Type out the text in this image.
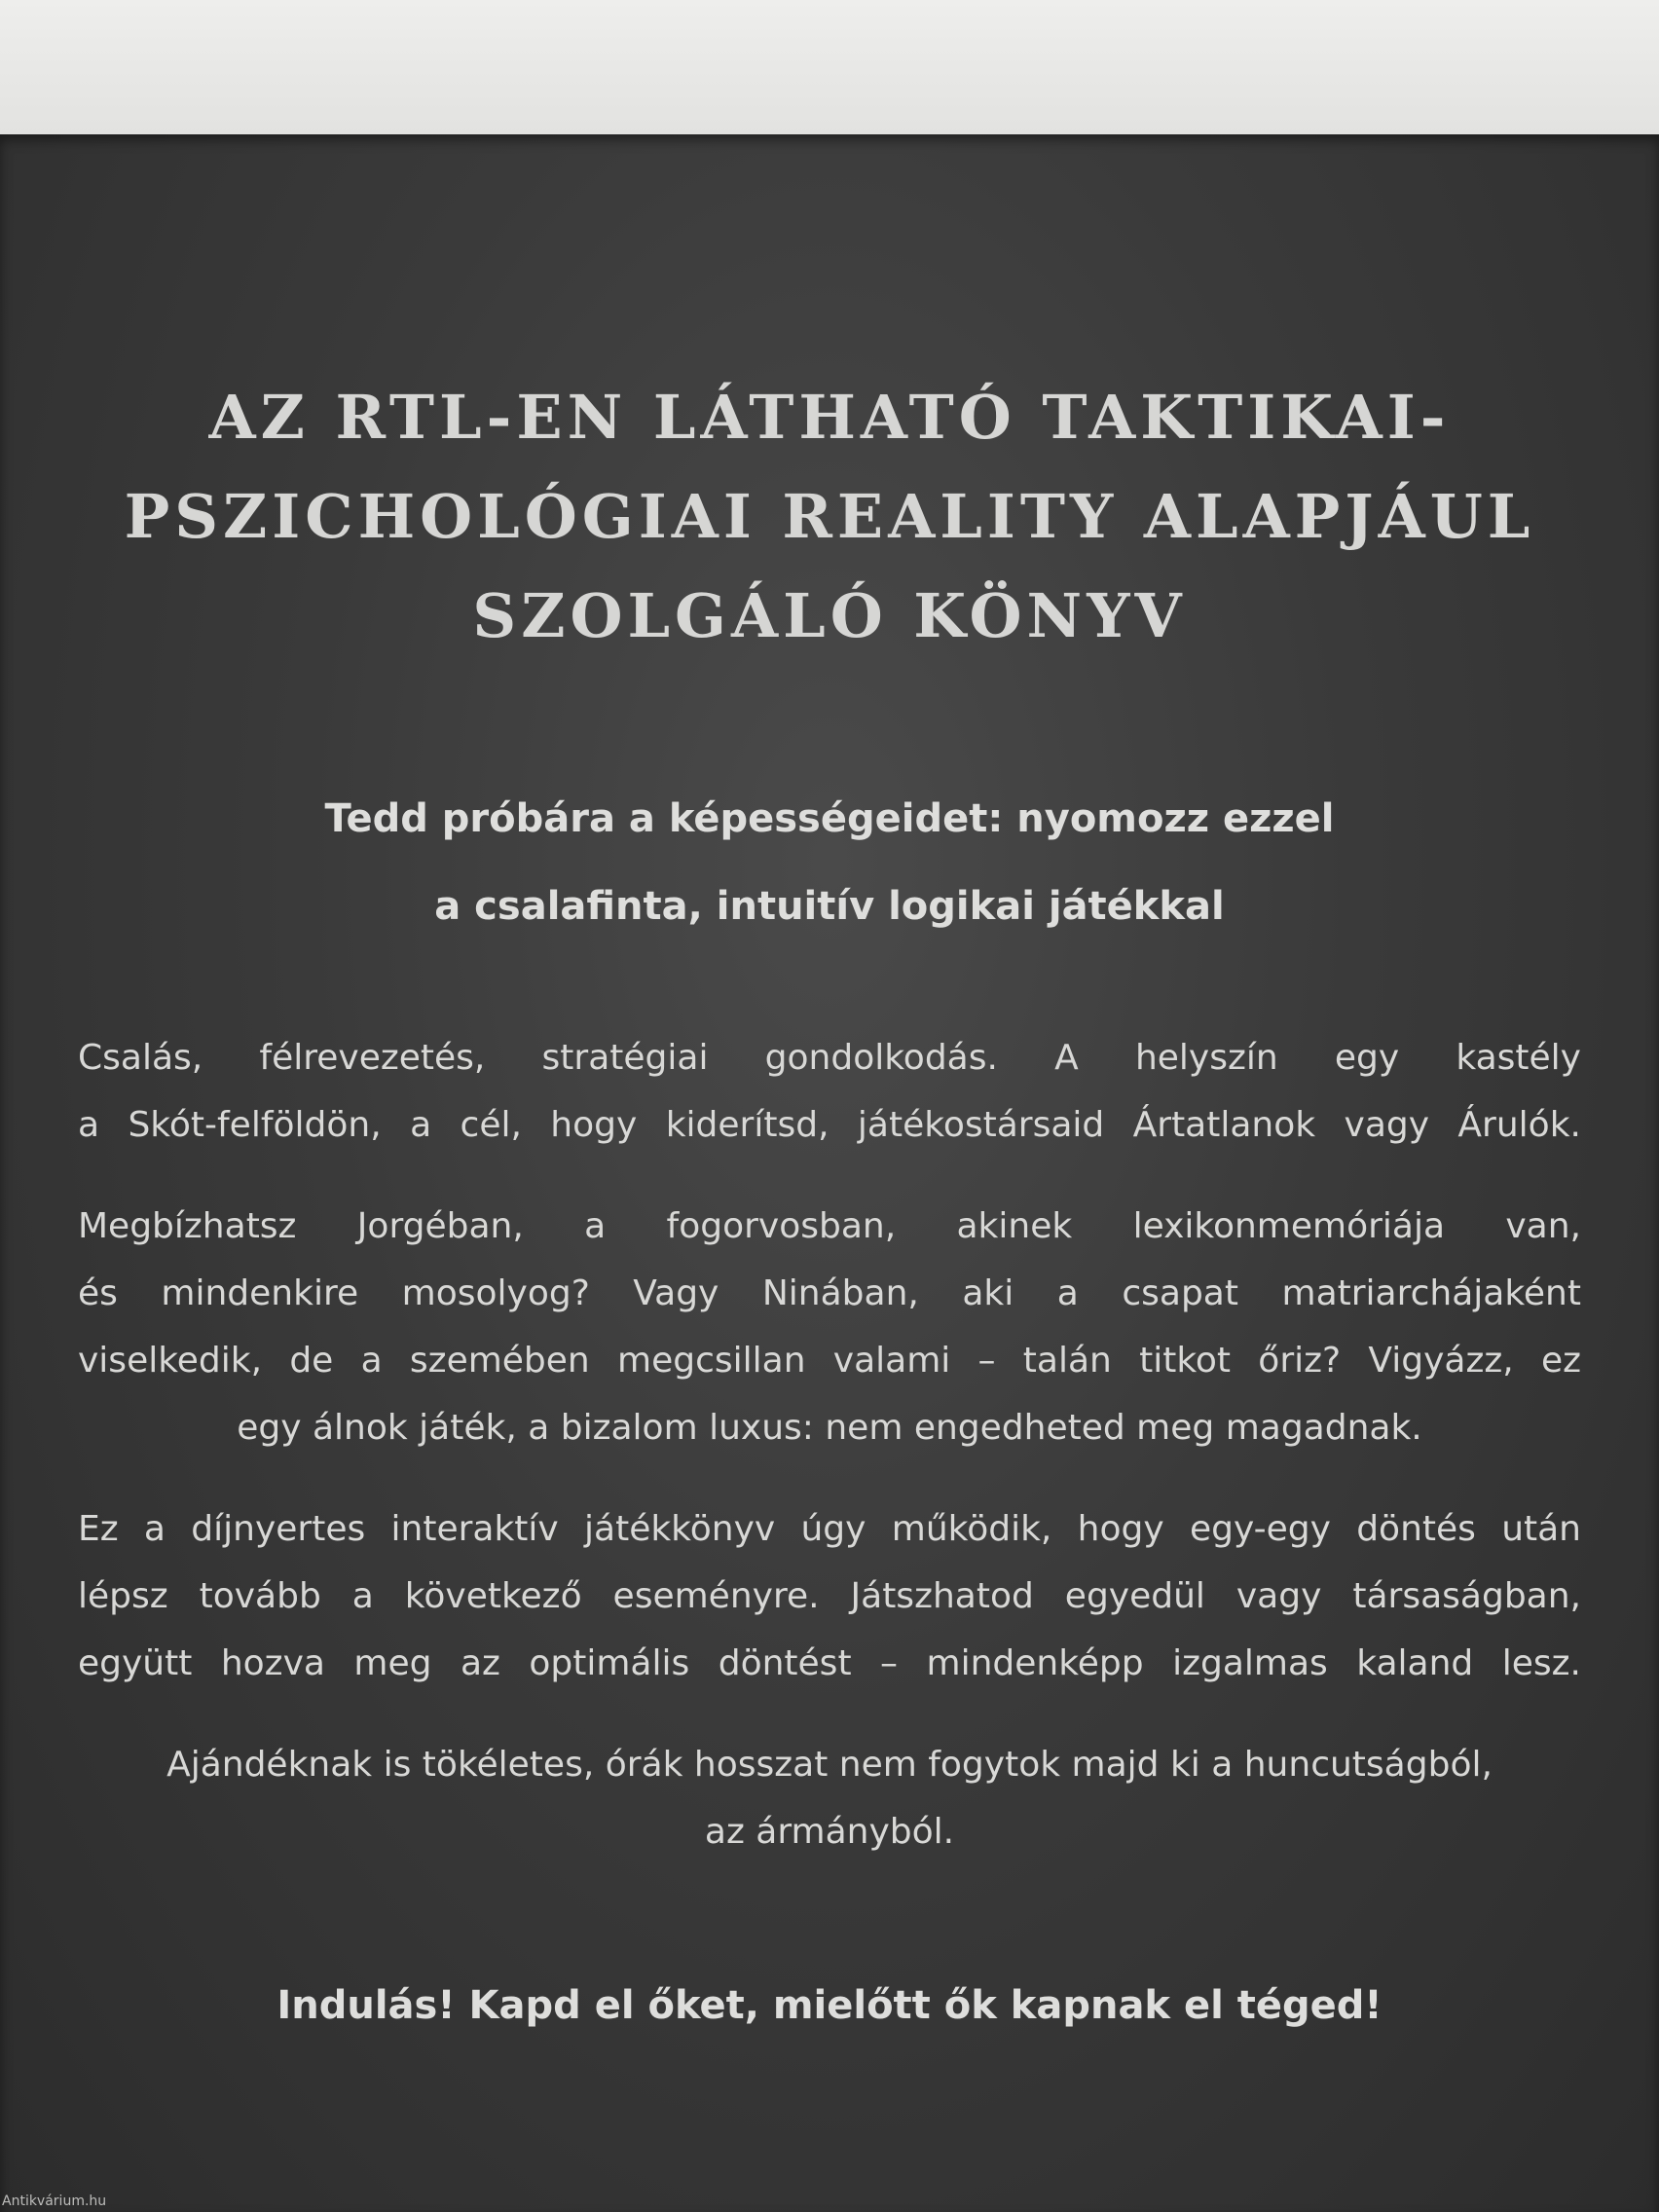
AZ RTL-EN LÁTHATÓ TAKTIKAI-
PSZICHOLÓGIAI REALITY ALAPJÁUL
SZOLGÁLÓ KÖNYV
Tedd próbára a képességeidet: nyomozz ezzel
a csalafinta, intuitív logikai játékkal

Csalás, félrevezetés, stratégiai gondolkodás. A helyszín egy kastély
a Skót-felföldön, a cél, hogy kiderítsd, játékostársaid Ártatlanok vagy Árulók.

Megbízhatsz Jorgéban, a fogorvosban, akinek lexikonmemóriája van,
és mindenkire mosolyog? Vagy Ninában, aki a csapat matriarchájaként
viselkedik, de a szemében megcsillan valami – talán titkot őriz? Vigyázz, ez
egy álnok játék, a bizalom luxus: nem engedheted meg magadnak.

Ez a díjnyertes interaktív játékkönyv úgy működik, hogy egy-egy döntés után
lépsz tovább a következő eseményre. Játszhatod egyedül vagy társaságban,
együtt hozva meg az optimális döntést – mindenképp izgalmas kaland lesz.

Ajándéknak is tökéletes, órák hosszat nem fogytok majd ki a huncutságból,
az ármányból.

Indulás! Kapd el őket, mielőtt ők kapnak el téged!

Antikvárium.hu
